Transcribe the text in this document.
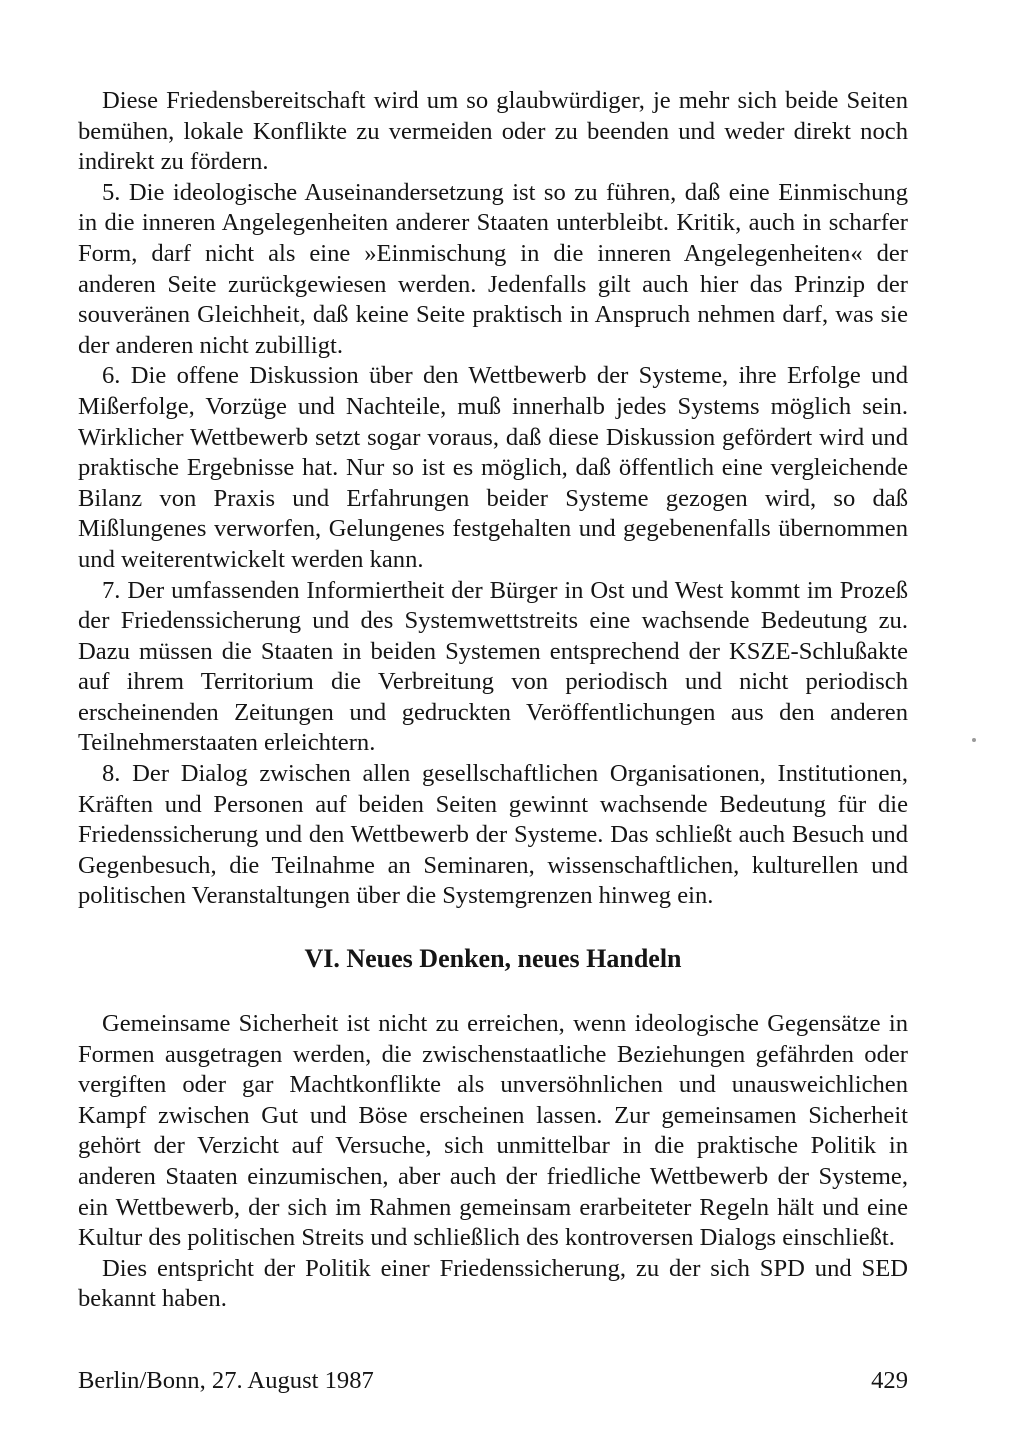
Diese Friedensbereitschaft wird um so glaubwürdiger, je mehr sich beide Seiten bemühen, lokale Konflikte zu vermeiden oder zu beenden und weder direkt noch indirekt zu fördern.

5. Die ideologische Auseinandersetzung ist so zu führen, daß eine Einmischung in die inneren Angelegenheiten anderer Staaten unterbleibt. Kritik, auch in scharfer Form, darf nicht als eine »Einmischung in die inneren Angelegenheiten« der anderen Seite zurückgewiesen werden. Jedenfalls gilt auch hier das Prinzip der souveränen Gleichheit, daß keine Seite praktisch in Anspruch nehmen darf, was sie der anderen nicht zubilligt.

6. Die offene Diskussion über den Wettbewerb der Systeme, ihre Erfolge und Mißerfolge, Vorzüge und Nachteile, muß innerhalb jedes Systems möglich sein. Wirklicher Wettbewerb setzt sogar voraus, daß diese Diskussion gefördert wird und praktische Ergebnisse hat. Nur so ist es möglich, daß öffentlich eine vergleichende Bilanz von Praxis und Erfahrungen beider Systeme gezogen wird, so daß Mißlungenes verworfen, Gelungenes festgehalten und gegebenenfalls übernommen und weiterentwickelt werden kann.

7. Der umfassenden Informiertheit der Bürger in Ost und West kommt im Prozeß der Friedenssicherung und des Systemwettstreits eine wachsende Bedeutung zu. Dazu müssen die Staaten in beiden Systemen entsprechend der KSZE-Schlußakte auf ihrem Territorium die Verbreitung von periodisch und nicht periodisch erscheinenden Zeitungen und gedruckten Veröffentlichungen aus den anderen Teilnehmerstaaten erleichtern.

8. Der Dialog zwischen allen gesellschaftlichen Organisationen, Institutionen, Kräften und Personen auf beiden Seiten gewinnt wachsende Bedeutung für die Friedenssicherung und den Wettbewerb der Systeme. Das schließt auch Besuch und Gegenbesuch, die Teilnahme an Seminaren, wissenschaftlichen, kulturellen und politischen Veranstaltungen über die Systemgrenzen hinweg ein.

VI. Neues Denken, neues Handeln

Gemeinsame Sicherheit ist nicht zu erreichen, wenn ideologische Gegensätze in Formen ausgetragen werden, die zwischenstaatliche Beziehungen gefährden oder vergiften oder gar Machtkonflikte als unversöhnlichen und unausweichlichen Kampf zwischen Gut und Böse erscheinen lassen. Zur gemeinsamen Sicherheit gehört der Verzicht auf Versuche, sich unmittelbar in die praktische Politik in anderen Staaten einzumischen, aber auch der friedliche Wettbewerb der Systeme, ein Wettbewerb, der sich im Rahmen gemeinsam erarbeiteter Regeln hält und eine Kultur des politischen Streits und schließlich des kontroversen Dialogs einschließt.

Dies entspricht der Politik einer Friedenssicherung, zu der sich SPD und SED bekannt haben.

Berlin/Bonn, 27. August 1987	429
